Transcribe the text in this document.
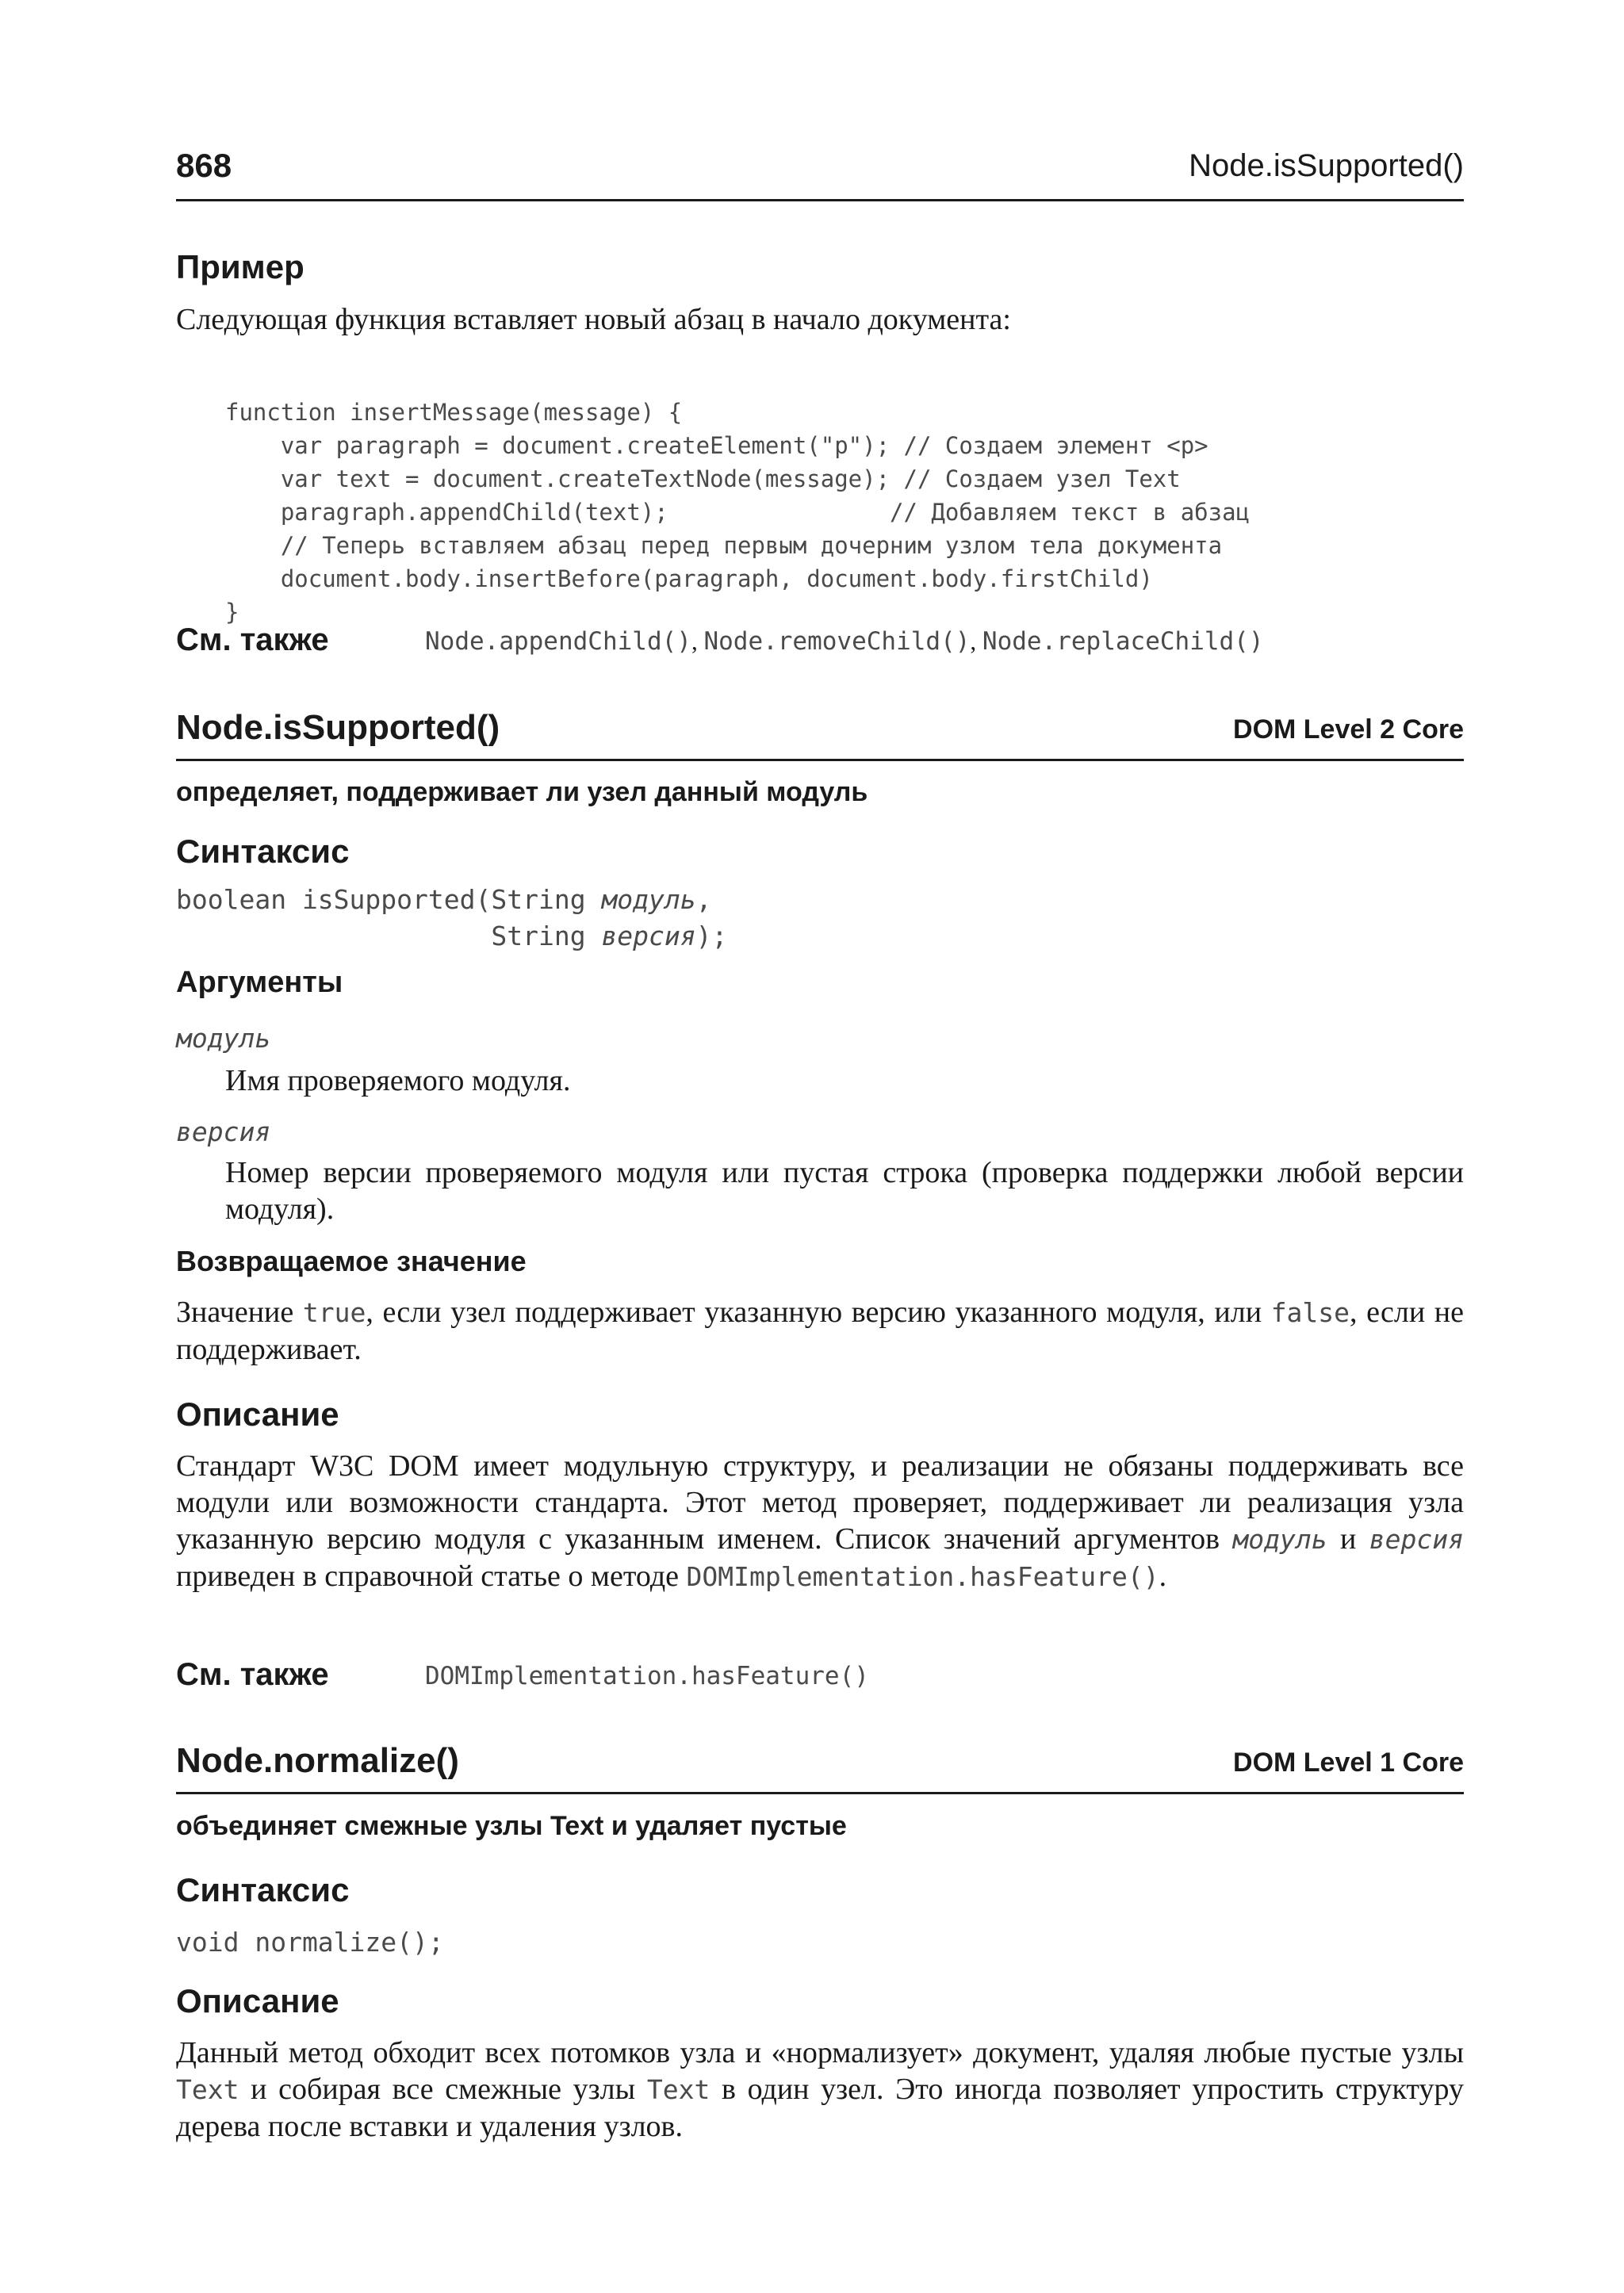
868	Node.isSupported()
Пример
Следующая функция вставляет новый абзац в начало документа:

function insertMessage(message) {
var paragraph = document.createElement("p"); // Создаем элемент <p>
var text = document.createTextNode(message); // Создаем узел Text
paragraph.appendChild(text);                // Добавляем текст в абзац
// Теперь вставляем абзац перед первым дочерним узлом тела документа
document.body.insertBefore(paragraph, document.body.firstChild)
}

См. также	Node.appendChild(), Node.removeChild(), Node.replaceChild()
Node.isSupported()	DOM Level 2 Core
определяет, поддерживает ли узел данный модуль
Синтаксис
boolean isSupported(String модуль,
String версия);
Аргументы
модуль
Имя проверяемого модуля.
версия
Номер версии проверяемого модуля или пустая строка (проверка поддержки любой версии модуля).
Возвращаемое значение
Значение true, если узел поддерживает указанную версию указанного модуля, или false, если не поддерживает.
Описание
Стандарт W3C DOM имеет модульную структуру, и реализации не обязаны поддерживать все модули или возможности стандарта. Этот метод проверяет, поддерживает ли реализация узла указанную версию модуля с указанным именем. Список значений аргументов модуль и версия приведен в справочной статье о методе DOMImplementation.hasFeature().
См. также	DOMImplementation.hasFeature()
Node.normalize()	DOM Level 1 Core
объединяет смежные узлы Text и удаляет пустые
Синтаксис
void normalize();
Описание
Данный метод обходит всех потомков узла и «нормализует» документ, удаляя любые пустые узлы Text и собирая все смежные узлы Text в один узел. Это иногда позволяет упростить структуру дерева после вставки и удаления узлов.
